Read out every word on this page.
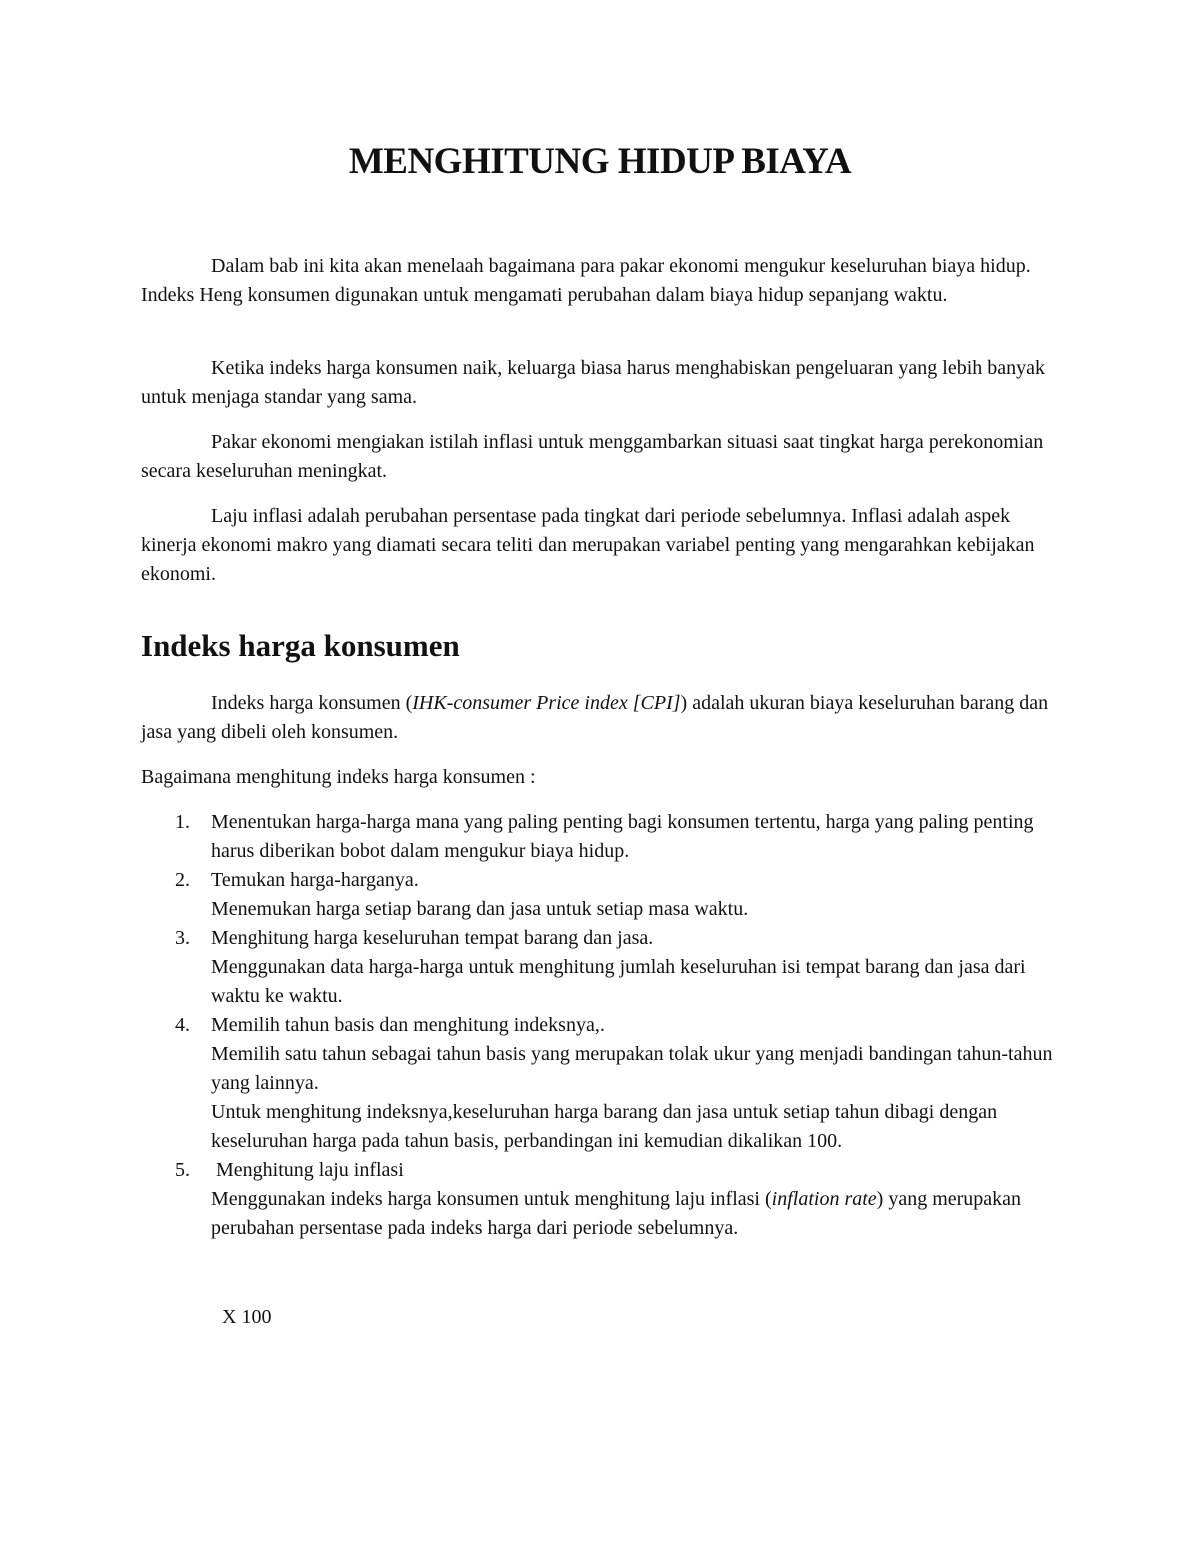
MENGHITUNG HIDUP BIAYA

Dalam bab ini kita akan menelaah bagaimana para pakar ekonomi mengukur keseluruhan biaya hidup. Indeks Heng konsumen digunakan untuk mengamati perubahan dalam biaya hidup sepanjang waktu.

Ketika indeks harga konsumen naik, keluarga biasa harus menghabiskan pengeluaran yang lebih banyak untuk menjaga standar yang sama.

Pakar ekonomi mengiakan istilah inflasi untuk menggambarkan situasi saat tingkat harga perekonomian secara keseluruhan meningkat.

Laju inflasi adalah perubahan persentase pada tingkat dari periode sebelumnya. Inflasi adalah aspek kinerja ekonomi makro yang diamati secara teliti dan merupakan variabel penting yang mengarahkan kebijakan ekonomi.

Indeks harga konsumen

Indeks harga konsumen (IHK-consumer Price index [CPI]) adalah ukuran biaya keseluruhan barang dan jasa yang dibeli oleh konsumen.

Bagaimana menghitung indeks harga konsumen :

1. Menentukan harga-harga mana yang paling penting bagi konsumen tertentu, harga yang paling penting harus diberikan bobot dalam mengukur biaya hidup.
2. Temukan harga-harganya.
Menemukan harga setiap barang dan jasa untuk setiap masa waktu.
3. Menghitung harga keseluruhan tempat barang dan jasa.
Menggunakan data harga-harga untuk menghitung jumlah keseluruhan isi tempat barang dan jasa dari waktu ke waktu.
4. Memilih tahun basis dan menghitung indeksnya,.
Memilih satu tahun sebagai tahun basis yang merupakan tolak ukur yang menjadi bandingan tahun-tahun yang lainnya.
Untuk menghitung indeksnya,keseluruhan harga barang dan jasa untuk setiap tahun dibagi dengan keseluruhan harga pada tahun basis, perbandingan ini kemudian dikalikan 100.
5. Menghitung laju inflasi
Menggunakan indeks harga konsumen untuk menghitung laju inflasi (inflation rate) yang merupakan perubahan persentase pada indeks harga dari periode sebelumnya.

X 100
